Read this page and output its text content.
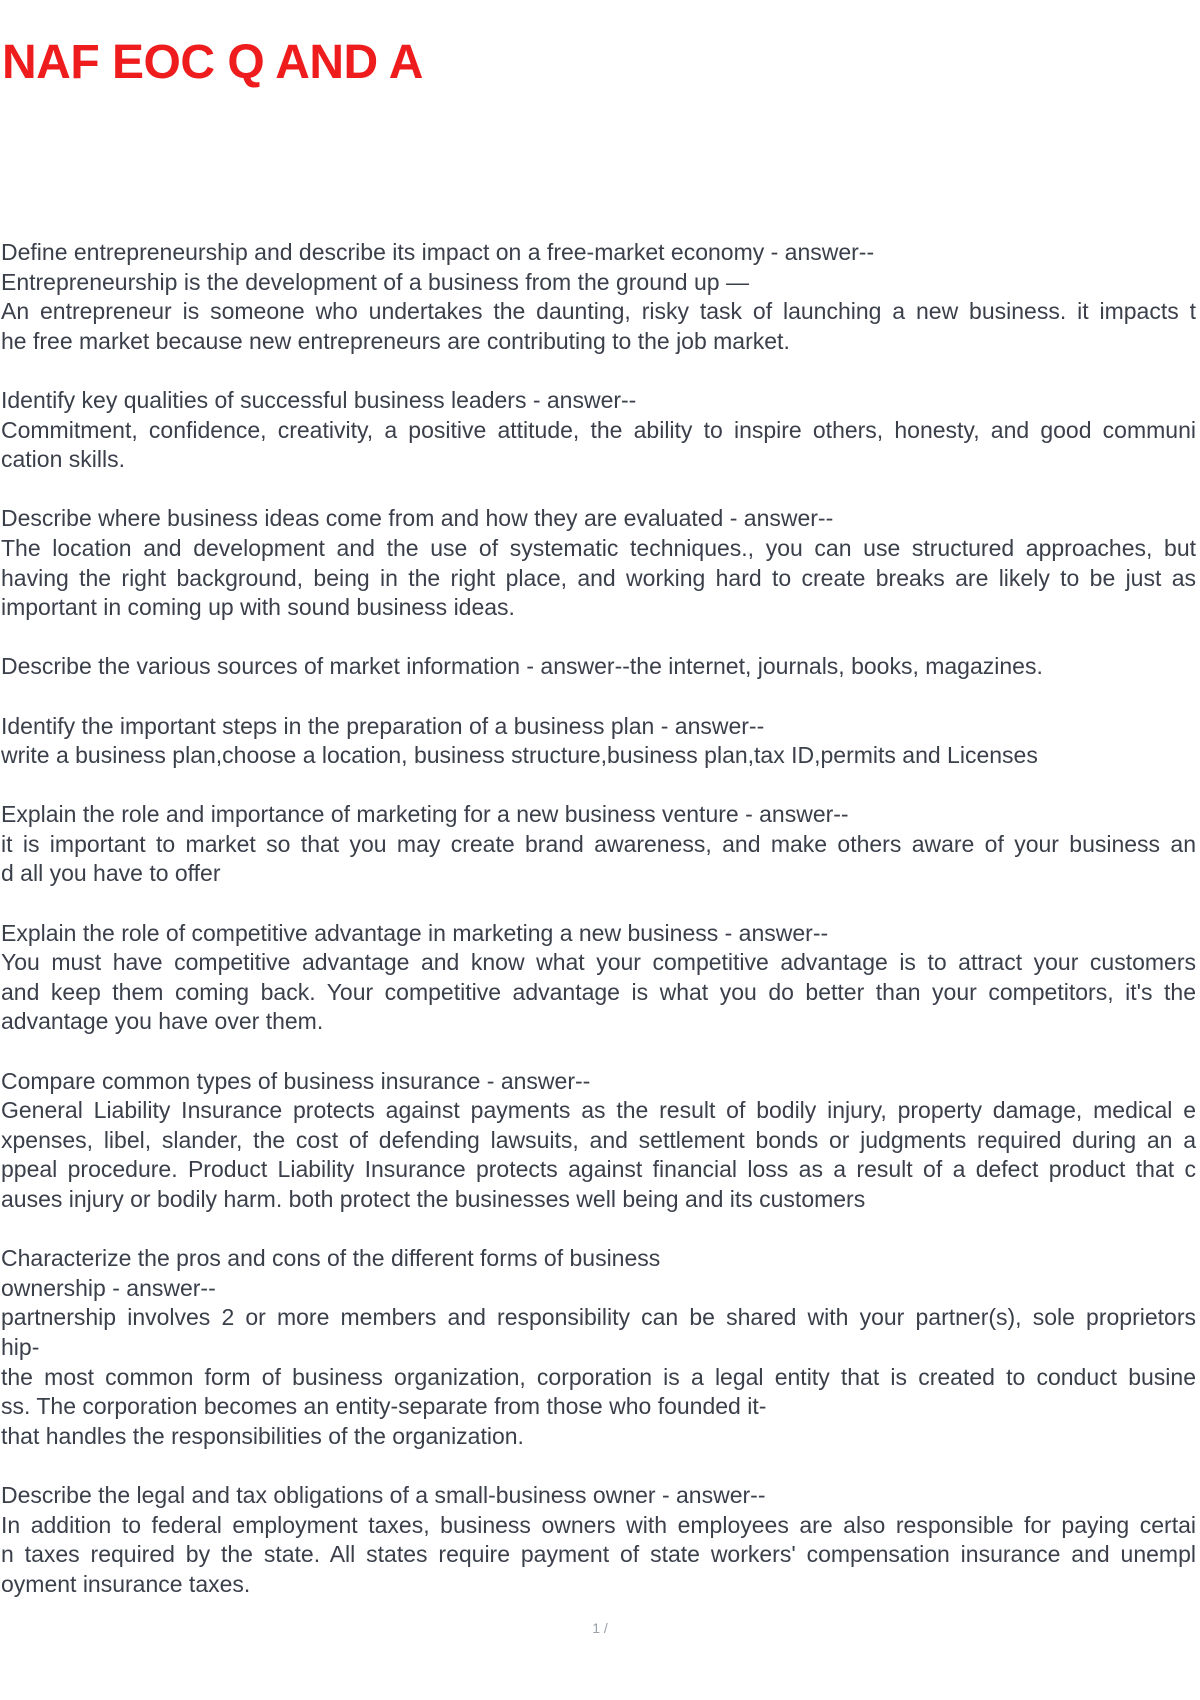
NAF EOC Q AND A
Define entrepreneurship and describe its impact on a free-market economy - answer--
Entrepreneurship is the development of a business from the ground up —
An entrepreneur is someone who undertakes the daunting, risky task of launching a new business. it impacts t
he free market because new entrepreneurs are contributing to the job market.
Identify key qualities of successful business leaders - answer--
Commitment, confidence, creativity, a positive attitude, the ability to inspire others, honesty, and good communi
cation skills.
Describe where business ideas come from and how they are evaluated - answer--
The location and development and the use of systematic techniques., you can use structured approaches, but
having the right background, being in the right place, and working hard to create breaks are likely to be just as
important in coming up with sound business ideas.
Describe the various sources of market information - answer--the internet, journals, books, magazines.
Identify the important steps in the preparation of a business plan - answer--
write a business plan,choose a location, business structure,business plan,tax ID,permits and Licenses
Explain the role and importance of marketing for a new business venture - answer--
it is important to market so that you may create brand awareness, and make others aware of your business an
d all you have to offer
Explain the role of competitive advantage in marketing a new business - answer--
You must have competitive advantage and know what your competitive advantage is to attract your customers
and keep them coming back. Your competitive advantage is what you do better than your competitors, it's the
advantage you have over them.
Compare common types of business insurance - answer--
General Liability Insurance protects against payments as the result of bodily injury, property damage, medical e
xpenses, libel, slander, the cost of defending lawsuits, and settlement bonds or judgments required during an a
ppeal procedure. Product Liability Insurance protects against financial loss as a result of a defect product that c
auses injury or bodily harm. both protect the businesses well being and its customers
Characterize the pros and cons of the different forms of business
ownership - answer--
partnership involves 2 or more members and responsibility can be shared with your partner(s), sole proprietors
hip-
the most common form of business organization, corporation is a legal entity that is created to conduct busine
ss. The corporation becomes an entity-separate from those who founded it-
that handles the responsibilities of the organization.
Describe the legal and tax obligations of a small-business owner - answer--
In addition to federal employment taxes, business owners with employees are also responsible for paying certai
n taxes required by the state. All states require payment of state workers' compensation insurance and unempl
oyment insurance taxes.
1 /
